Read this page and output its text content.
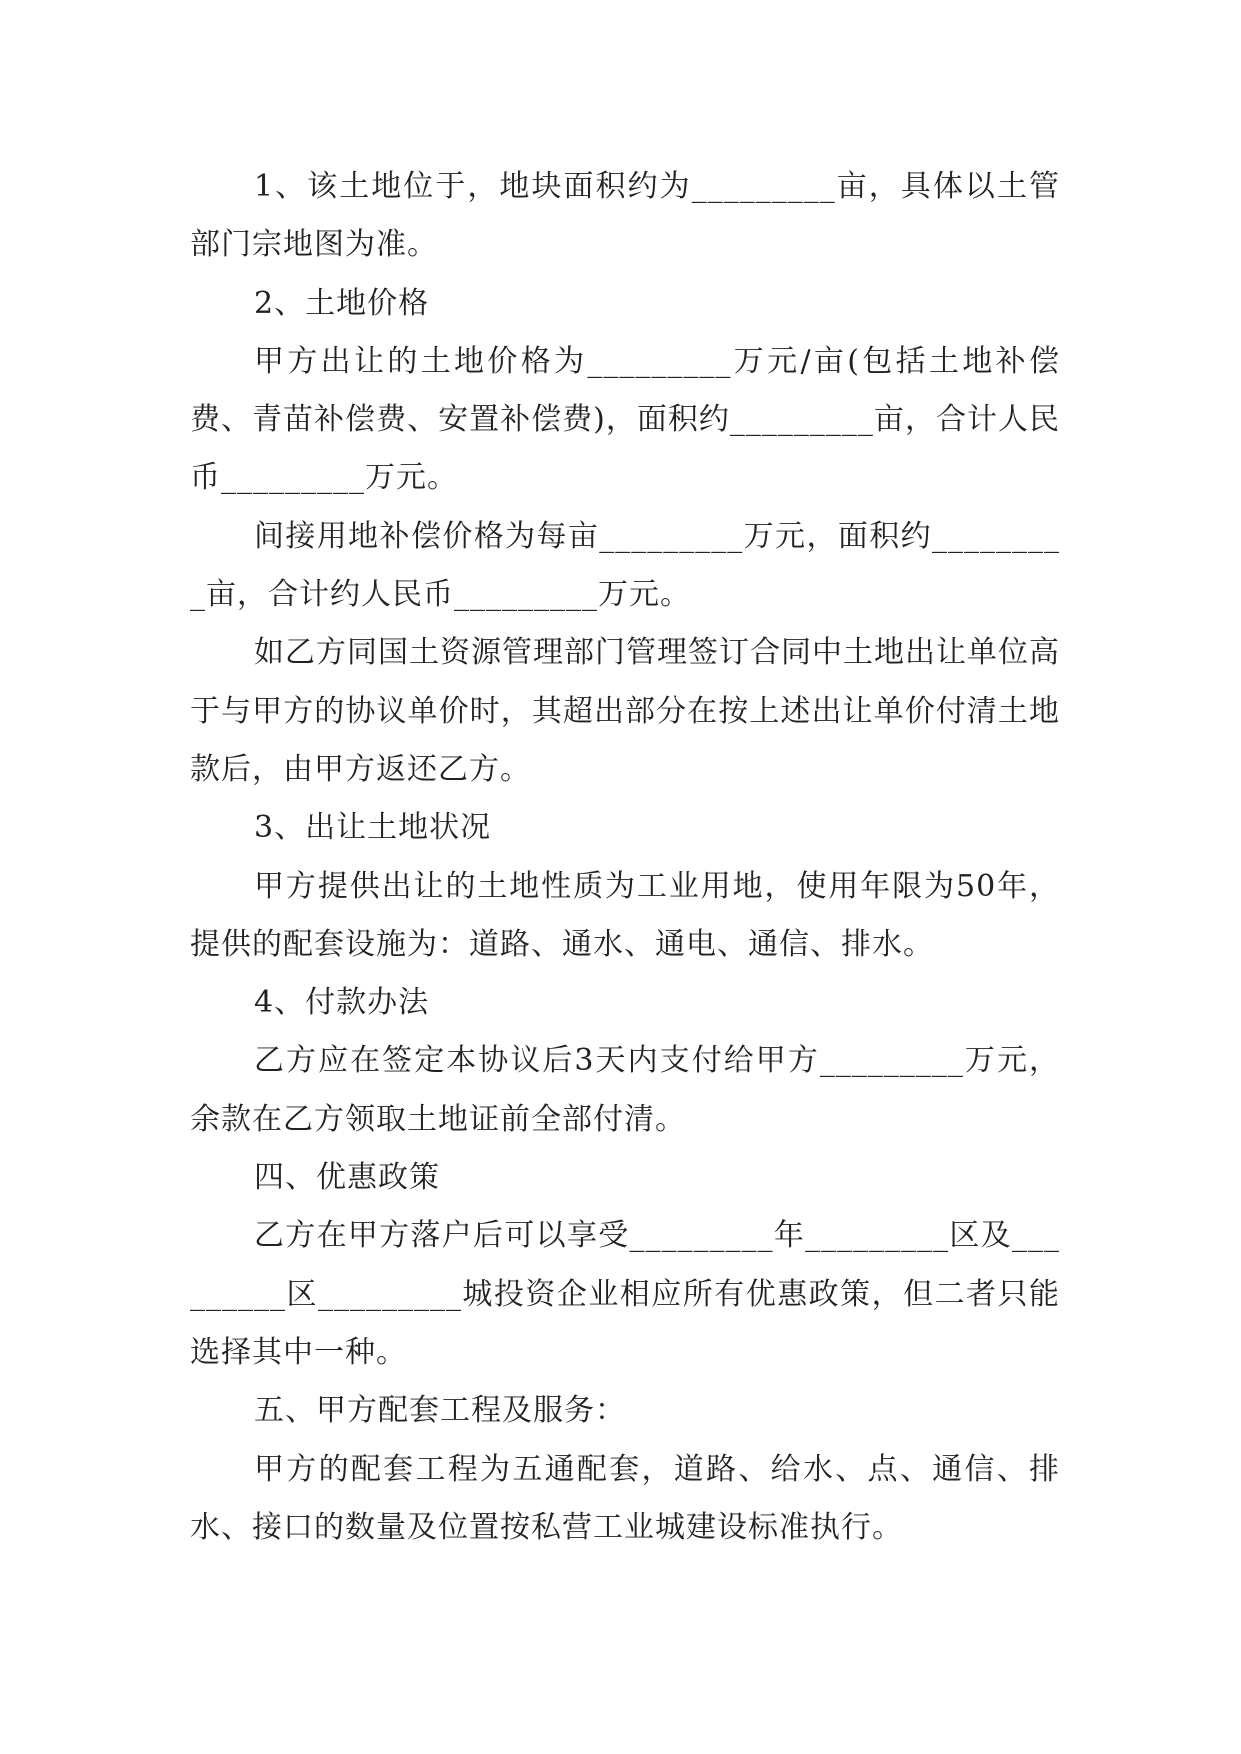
1、该土地位于，地块面积约为_________亩，具体以土管部门宗地图为准。

2、土地价格

甲方出让的土地价格为_________万元/亩(包括土地补偿费、青苗补偿费、安置补偿费)，面积约_________亩，合计人民币_________万元。

间接用地补偿价格为每亩_________万元，面积约_________亩，合计约人民币_________万元。

如乙方同国土资源管理部门管理签订合同中土地出让单位高于与甲方的协议单价时，其超出部分在按上述出让单价付清土地款后，由甲方返还乙方。

3、出让土地状况

甲方提供出让的土地性质为工业用地，使用年限为50年，提供的配套设施为：道路、通水、通电、通信、排水。

4、付款办法

乙方应在签定本协议后3天内支付给甲方_________万元，余款在乙方领取土地证前全部付清。

四、优惠政策

乙方在甲方落户后可以享受_________年_________区及_________区_________城投资企业相应所有优惠政策，但二者只能选择其中一种。

五、甲方配套工程及服务：

甲方的配套工程为五通配套，道路、给水、点、通信、排水、接口的数量及位置按私营工业城建设标准执行。
